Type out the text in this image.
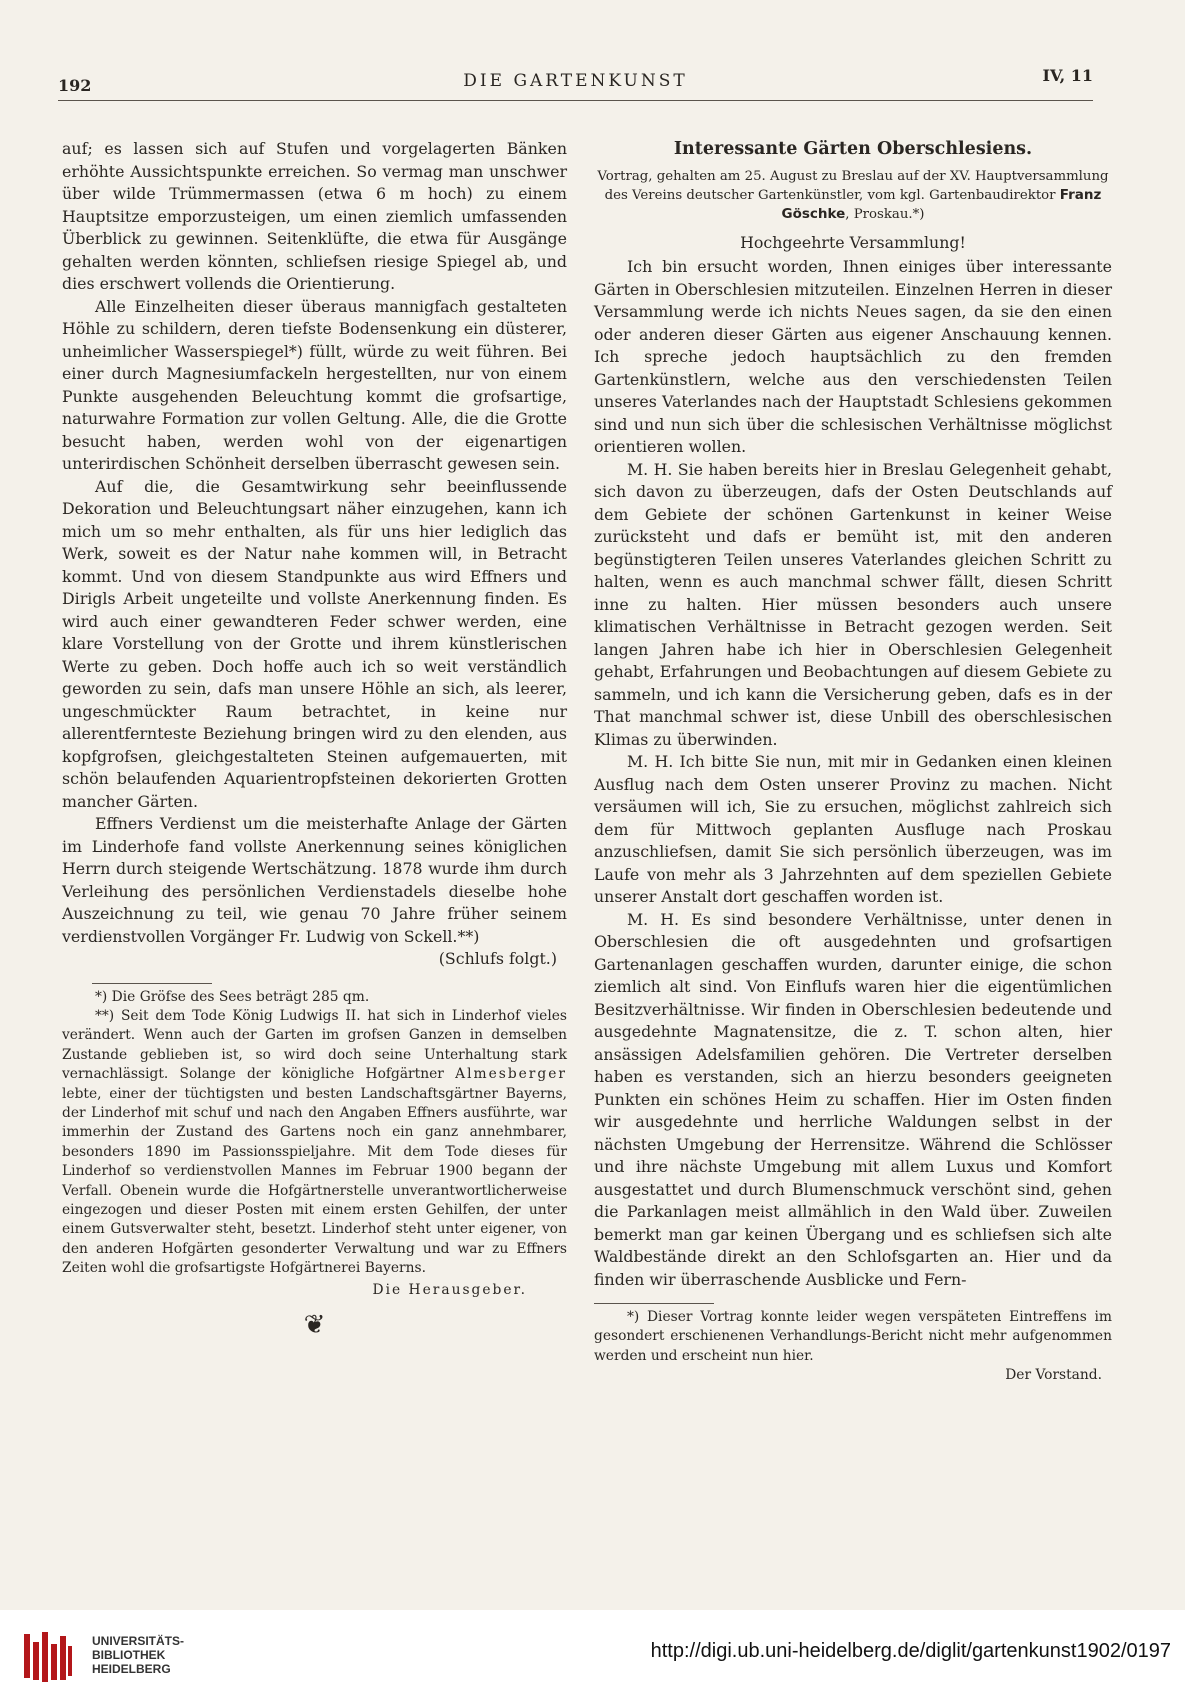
192	DIE GARTENKUNST	IV, 11

auf; es lassen sich auf Stufen und vorgelagerten Bänken erhöhte Aussichtspunkte erreichen. So vermag man unschwer über wilde Trümmermassen (etwa 6 m hoch) zu einem Hauptsitze emporzusteigen, um einen ziemlich umfassenden Überblick zu gewinnen. Seitenklüfte, die etwa für Ausgänge gehalten werden könnten, schliefsen riesige Spiegel ab, und dies erschwert vollends die Orientierung.

Alle Einzelheiten dieser überaus mannigfach gestalteten Höhle zu schildern, deren tiefste Bodensenkung ein düsterer, unheimlicher Wasserspiegel*) füllt, würde zu weit führen. Bei einer durch Magnesiumfackeln hergestellten, nur von einem Punkte ausgehenden Beleuchtung kommt die grofsartige, naturwahre Formation zur vollen Geltung. Alle, die die Grotte besucht haben, werden wohl von der eigenartigen unterirdischen Schönheit derselben überrascht gewesen sein.

Auf die, die Gesamtwirkung sehr beeinflussende Dekoration und Beleuchtungsart näher einzugehen, kann ich mich um so mehr enthalten, als für uns hier lediglich das Werk, soweit es der Natur nahe kommen will, in Betracht kommt. Und von diesem Standpunkte aus wird Effners und Dirigls Arbeit ungeteilte und vollste Anerkennung finden. Es wird auch einer gewandteren Feder schwer werden, eine klare Vorstellung von der Grotte und ihrem künstlerischen Werte zu geben. Doch hoffe auch ich so weit verständlich geworden zu sein, dafs man unsere Höhle an sich, als leerer, ungeschmückter Raum betrachtet, in keine nur allerentfernteste Beziehung bringen wird zu den elenden, aus kopfgrofsen, gleichgestalteten Steinen aufgemauerten, mit schön belaufenden Aquarientropfsteinen dekorierten Grotten mancher Gärten.

Effners Verdienst um die meisterhafte Anlage der Gärten im Linderhofe fand vollste Anerkennung seines königlichen Herrn durch steigende Wertschätzung. 1878 wurde ihm durch Verleihung des persönlichen Verdienstadels dieselbe hohe Auszeichnung zu teil, wie genau 70 Jahre früher seinem verdienstvollen Vorgänger Fr. Ludwig von Sckell.**)

(Schlufs folgt.)

*) Die Gröfse des Sees beträgt 285 qm.

**) Seit dem Tode König Ludwigs II. hat sich in Linderhof vieles verändert. Wenn auch der Garten im grofsen Ganzen in demselben Zustande geblieben ist, so wird doch seine Unterhaltung stark vernachlässigt. Solange der königliche Hofgärtner Almesberger lebte, einer der tüchtigsten und besten Landschaftsgärtner Bayerns, der Linderhof mit schuf und nach den Angaben Effners ausführte, war immerhin der Zustand des Gartens noch ein ganz annehmbarer, besonders 1890 im Passionsspieljahre. Mit dem Tode dieses für Linderhof so verdienstvollen Mannes im Februar 1900 begann der Verfall. Obenein wurde die Hofgärtnerstelle unverantwortlicherweise eingezogen und dieser Posten mit einem ersten Gehilfen, der unter einem Gutsverwalter steht, besetzt. Linderhof steht unter eigener, von den anderen Hofgärten gesonderter Verwaltung und war zu Effners Zeiten wohl die grofsartigste Hofgärtnerei Bayerns.

Die Herausgeber.

❦
Interessante Gärten Oberschlesiens.
Vortrag, gehalten am 25. August zu Breslau auf der XV. Hauptversammlung des Vereins deutscher Gartenkünstler, vom kgl. Gartenbaudirektor Franz Göschke, Proskau.*)
Hochgeehrte Versammlung!

Ich bin ersucht worden, Ihnen einiges über interessante Gärten in Oberschlesien mitzuteilen. Einzelnen Herren in dieser Versammlung werde ich nichts Neues sagen, da sie den einen oder anderen dieser Gärten aus eigener Anschauung kennen. Ich spreche jedoch hauptsächlich zu den fremden Gartenkünstlern, welche aus den verschiedensten Teilen unseres Vaterlandes nach der Hauptstadt Schlesiens gekommen sind und nun sich über die schlesischen Verhältnisse möglichst orientieren wollen.

M. H. Sie haben bereits hier in Breslau Gelegenheit gehabt, sich davon zu überzeugen, dafs der Osten Deutschlands auf dem Gebiete der schönen Gartenkunst in keiner Weise zurücksteht und dafs er bemüht ist, mit den anderen begünstigteren Teilen unseres Vaterlandes gleichen Schritt zu halten, wenn es auch manchmal schwer fällt, diesen Schritt inne zu halten. Hier müssen besonders auch unsere klimatischen Verhältnisse in Betracht gezogen werden. Seit langen Jahren habe ich hier in Oberschlesien Gelegenheit gehabt, Erfahrungen und Beobachtungen auf diesem Gebiete zu sammeln, und ich kann die Versicherung geben, dafs es in der That manchmal schwer ist, diese Unbill des oberschlesischen Klimas zu überwinden.

M. H. Ich bitte Sie nun, mit mir in Gedanken einen kleinen Ausflug nach dem Osten unserer Provinz zu machen. Nicht versäumen will ich, Sie zu ersuchen, möglichst zahlreich sich dem für Mittwoch geplanten Ausfluge nach Proskau anzuschliefsen, damit Sie sich persönlich überzeugen, was im Laufe von mehr als 3 Jahrzehnten auf dem speziellen Gebiete unserer Anstalt dort geschaffen worden ist.

M. H. Es sind besondere Verhältnisse, unter denen in Oberschlesien die oft ausgedehnten und grofsartigen Gartenanlagen geschaffen wurden, darunter einige, die schon ziemlich alt sind. Von Einflufs waren hier die eigentümlichen Besitzverhältnisse. Wir finden in Oberschlesien bedeutende und ausgedehnte Magnatensitze, die z. T. schon alten, hier ansässigen Adelsfamilien gehören. Die Vertreter derselben haben es verstanden, sich an hierzu besonders geeigneten Punkten ein schönes Heim zu schaffen. Hier im Osten finden wir ausgedehnte und herrliche Waldungen selbst in der nächsten Umgebung der Herrensitze. Während die Schlösser und ihre nächste Umgebung mit allem Luxus und Komfort ausgestattet und durch Blumenschmuck verschönt sind, gehen die Parkanlagen meist allmählich in den Wald über. Zuweilen bemerkt man gar keinen Übergang und es schliefsen sich alte Waldbestände direkt an den Schlofsgarten an. Hier und da finden wir überraschende Ausblicke und Fern-

*) Dieser Vortrag konnte leider wegen verspäteten Eintreffens im gesondert erschienenen Verhandlungs-Bericht nicht mehr aufgenommen werden und erscheint nun hier.

Der Vorstand.

UNIVERSITÄTS-
BIBLIOTHEK
HEIDELBERG
http://digi.ub.uni-heidelberg.de/diglit/gartenkunst1902/0197
